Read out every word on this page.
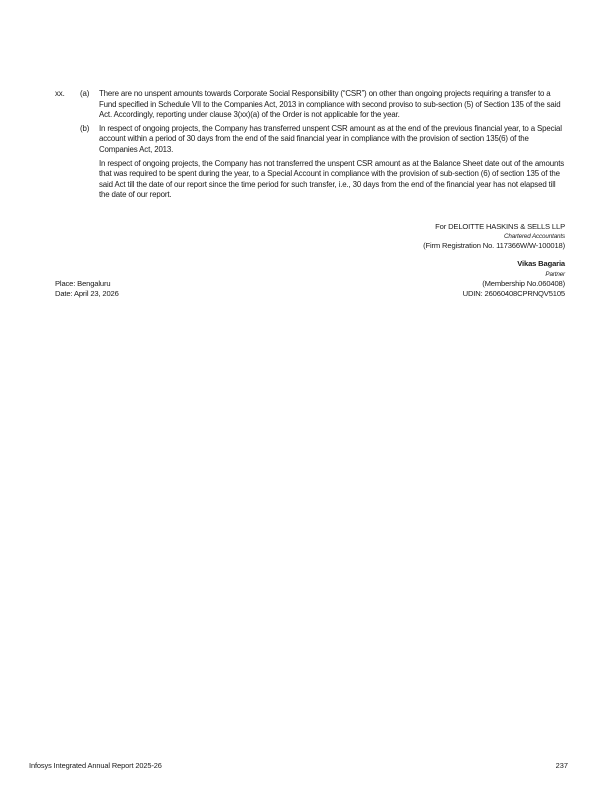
xx.	(a)	There are no unspent amounts towards Corporate Social Responsibility (“CSR”) on other than ongoing projects requiring a transfer to a Fund specified in Schedule VII to the Companies Act, 2013 in compliance with second proviso to sub-section (5) of Section 135 of the said Act. Accordingly, reporting under clause 3(xx)(a) of the Order is not applicable for the year.
(b)	In respect of ongoing projects, the Company has transferred unspent CSR amount as at the end of the previous financial year, to a Special account within a period of 30 days from the end of the said financial year in compliance with the provision of section 135(6) of the Companies Act, 2013.
In respect of ongoing projects, the Company has not transferred the unspent CSR amount as at the Balance Sheet date out of the amounts that was required to be spent during the year, to a Special Account in compliance with the provision of sub-section (6) of section 135 of the said Act till the date of our report since the time period for such transfer, i.e., 30 days from the end of the financial year has not elapsed till the date of our report.
For DELOITTE HASKINS & SELLS LLP
Chartered Accountants
(Firm Registration No. 117366W/W-100018)
Vikas Bagaria
Partner
Place: Bengaluru
Date: April 23, 2026
(Membership No.060408)
UDIN: 26060408CPRNQV5105
Infosys Integrated Annual Report 2025-26	237
